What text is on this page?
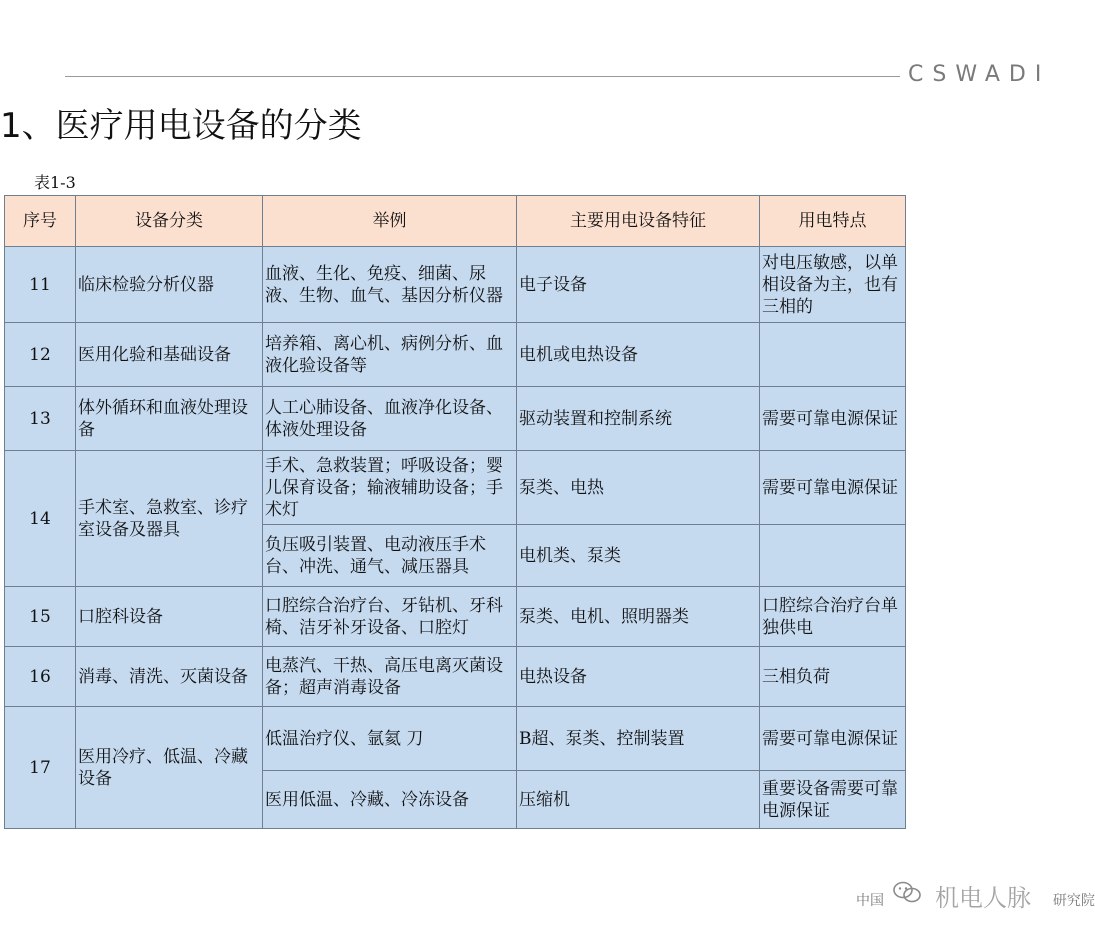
CSWADI
1、医疗用电设备的分类
表1-3
序号	设备分类	举例	主要用电设备特征	用电特点
11	临床检验分析仪器	血液、生化、免疫、细菌、尿液、生物、血气、基因分析仪器	电子设备	对电压敏感，以单相设备为主，也有三相的
12	医用化验和基础设备	培养箱、离心机、病例分析、血液化验设备等	电机或电热设备	
13	体外循环和血液处理设备	人工心肺设备、血液净化设备、体液处理设备	驱动装置和控制系统	需要可靠电源保证
14	手术室、急救室、诊疗室设备及器具	手术、急救装置；呼吸设备；婴儿保育设备；输液辅助设备；手术灯	泵类、电热	需要可靠电源保证
		负压吸引装置、电动液压手术台、冲洗、通气、减压器具	电机类、泵类	
15	口腔科设备	口腔综合治疗台、牙钻机、牙科椅、洁牙补牙设备、口腔灯	泵类、电机、照明器类	口腔综合治疗台单独供电
16	消毒、清洗、灭菌设备	电蒸汽、干热、高压电离灭菌设备；超声消毒设备	电热设备	三相负荷
17	医用冷疗、低温、冷藏设备	低温治疗仪、氩氦 刀	B超、泵类、控制装置	需要可靠电源保证
		医用低温、冷藏、冷冻设备	压缩机	重要设备需要可靠电源保证
中国	研究院
机电人脉
